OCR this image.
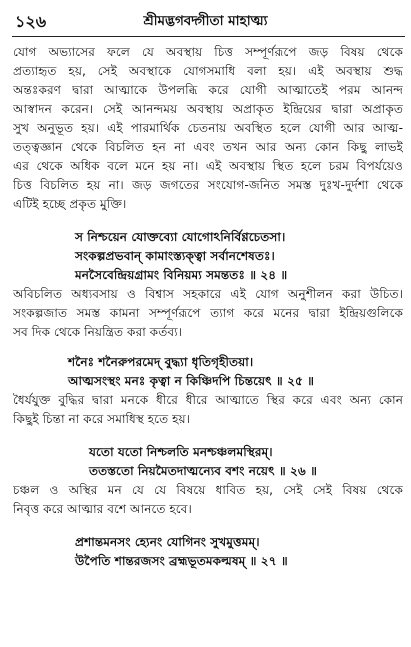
১২৬	শ্রীমদ্ভগবদ্গীতা মাহাত্ম্য

যোগ অভ্যাসের ফলে যে অবস্থায় চিত্ত সম্পূর্ণরূপে জড় বিষয় থেকে
প্রত্যাহৃত হয়, সেই অবস্থাকে যোগসমাধি বলা হয়। এই অবস্থায় শুদ্ধ
অন্তঃকরণ দ্বারা আত্মাকে উপলব্ধি করে যোগী আত্মাতেই পরম আনন্দ
আস্বাদন করেন। সেই আনন্দময় অবস্থায় অপ্রাকৃত ইন্দ্রিয়ের দ্বারা অপ্রাকৃত
সুখ অনুভূত হয়। এই পারমার্থিক চেতনায় অবস্থিত হলে যোগী আর আত্ম-
তত্ত্বজ্ঞান থেকে বিচলিত হন না এবং তখন আর অন্য কোন কিছু লাভই
এর থেকে অধিক বলে মনে হয় না। এই অবস্থায় স্থিত হলে চরম বিপর্যয়েও
চিত্ত বিচলিত হয় না। জড় জগতের সংযোগ-জনিত সমস্ত দুঃখ-দুর্দশা থেকে
এটিই হচ্ছে প্রকৃত মুক্তি।

স নিশ্চয়েন যোক্তব্যো যোগোঽনির্বিণ্ণচেতসা।
সংকল্পপ্রভবান্ কামাংস্ত্যক্ত্বা সর্বানশেষতঃ।
মনসৈবেন্দ্রিয়গ্রামং বিনিয়ম্য সমন্ততঃ ॥ ২৪ ॥

অবিচলিত অধ্যবসায় ও বিশ্বাস সহকারে এই যোগ অনুশীলন করা উচিত।
সংকল্পজাত সমস্ত কামনা সম্পূর্ণরূপে ত্যাগ করে মনের দ্বারা ইন্দ্রিয়গুলিকে
সব দিক থেকে নিয়ন্ত্রিত করা কর্তব্য।

শনৈঃ শনৈরুপরমেদ্ বুদ্ধ্যা ধৃতিগৃহীতয়া।
আত্মসংস্থং মনঃ কৃত্বা ন কিঞ্চিদপি চিন্তয়েৎ ॥ ২৫ ॥

ধৈর্যযুক্ত বুদ্ধির দ্বারা মনকে ধীরে ধীরে আত্মাতে স্থির করে এবং অন্য কোন
কিছুই চিন্তা না করে সমাধিস্থ হতে হয়।

যতো যতো নিশ্চলতি মনশ্চঞ্চলমস্থিরম্।
ততস্ততো নিয়মৈতদাত্মন্যেব বশং নয়েৎ ॥ ২৬ ॥

চঞ্চল ও অস্থির মন যে যে বিষয়ে ধাবিত হয়, সেই সেই বিষয় থেকে
নিবৃত্ত করে আত্মার বশে আনতে হবে।

প্রশান্তমনসং হ্যেনং যোগিনং সুখমুত্তমম্।
উপৈতি শান্তরজসং ব্রহ্মভূতমকল্মষম্ ॥ ২৭ ॥
